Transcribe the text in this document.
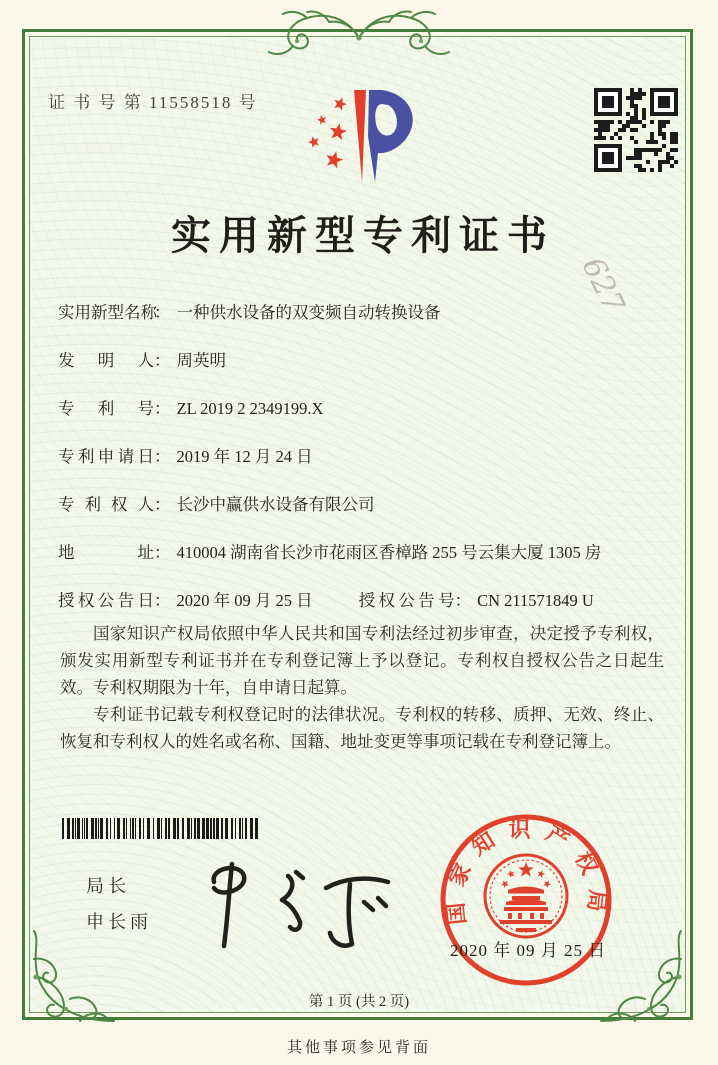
证 书 号 第 11558518 号
实用新型专利证书
627
实 用 新 型 名 称
： 一种供水设备的双变频自动转换设备
发 明 人 ： 周英明
专 利 号 ： ZL 2019 2 2349199.X
专 利 申 请 日 ： 2019 年 12 月 24 日
专 利 权 人 ： 长沙中赢供水设备有限公司
地	址 ： 410004 湖南省长沙市花雨区香樟路 255 号云集大厦 1305 房
授 权 公 告 日 ： 2020 年 09 月 25 日	授 权 公 告 号 ： CN 211571849 U

国家知识产权局依照中华人民共和国专利法经过初步审查，决定授予专利权，颁发实用新型专利证书并在专利登记簿上予以登记。专利权自授权公告之日起生效。专利权期限为十年，自申请日起算。

专利证书记载专利权登记时的法律状况。专利权的转移、质押、无效、终止、恢复和专利权人的姓名或名称、国籍、地址变更等事项记载在专利登记簿上。

局长
申长雨	国家知识产权局
2020 年 09 月 25 日
第 1 页 (共 2 页)
其他事项参见背面
